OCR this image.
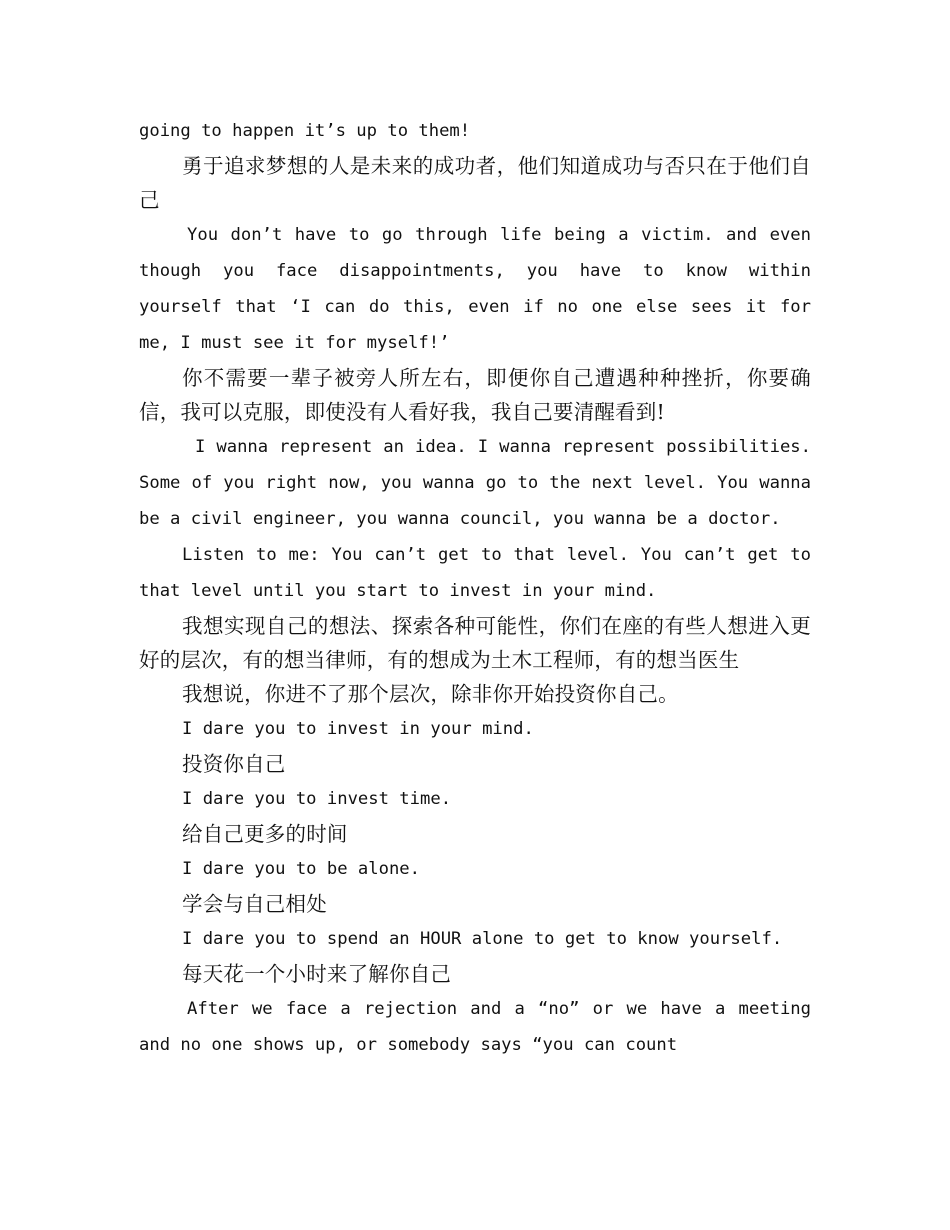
going to happen it’s up to them!

勇于追求梦想的人是未来的成功者，他们知道成功与否只在于他们自己

You don’t have to go through life being a victim. and even though you face disappointments, you have to know within yourself that ‘I can do this, even if no one else sees it for me, I must see it for myself!’

你不需要一辈子被旁人所左右，即便你自己遭遇种种挫折，你要确信，我可以克服，即使没有人看好我，我自己要清醒看到!

I wanna represent an idea. I wanna represent possibilities. Some of you right now, you wanna go to the next level. You wanna be a civil engineer, you wanna council, you wanna be a doctor.

Listen to me: You can’t get to that level. You can’t get to that level until you start to invest in your mind.

我想实现自己的想法、探索各种可能性，你们在座的有些人想进入更好的层次，有的想当律师，有的想成为土木工程师，有的想当医生

我想说，你进不了那个层次，除非你开始投资你自己。

I dare you to invest in your mind.

投资你自己

I dare you to invest time.

给自己更多的时间

I dare you to be alone.

学会与自己相处

I dare you to spend an HOUR alone to get to know yourself.

每天花一个小时来了解你自己

After we face a rejection and a “no” or we have a meeting and no one shows up, or somebody says “you can count
